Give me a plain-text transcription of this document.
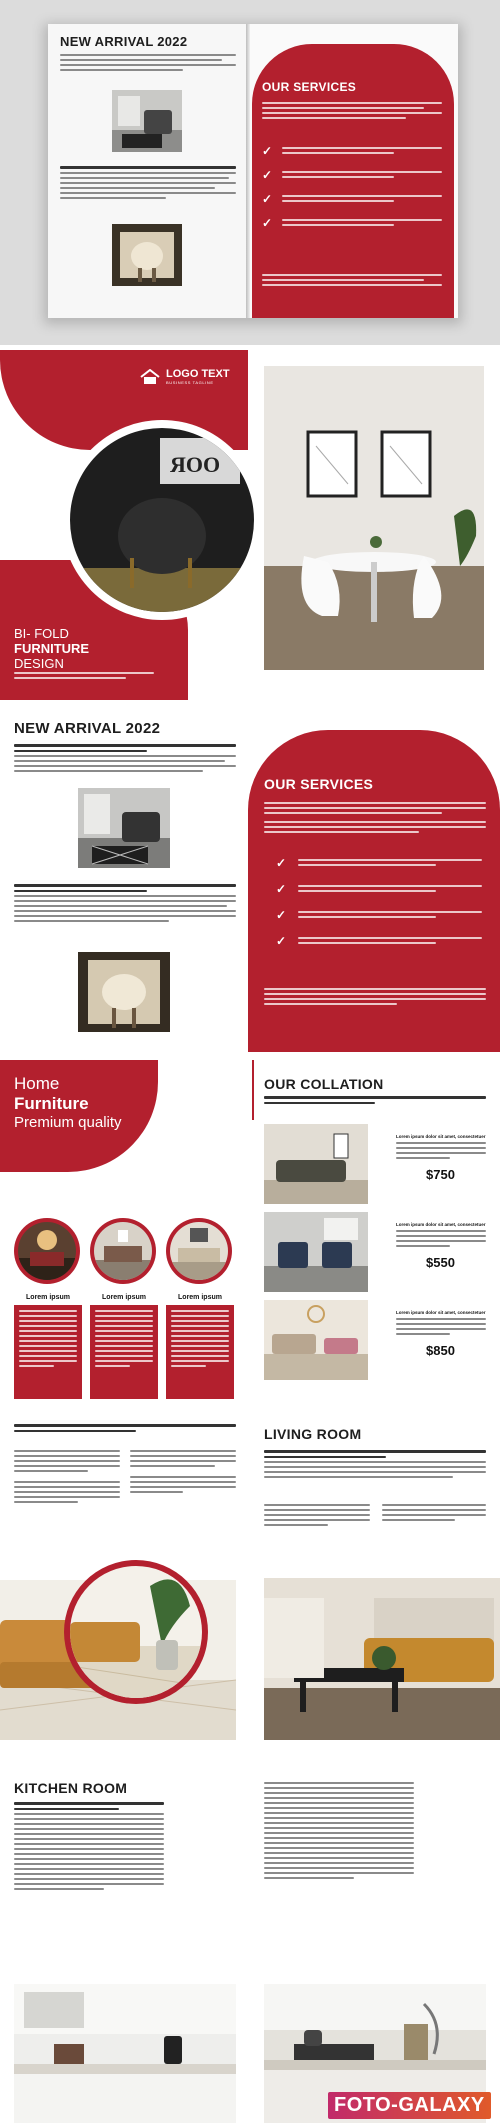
NEW ARRIVAL 2022
OUR SERVICES
✓
✓
✓
✓
LOGO TEXT
BUSINESS TAGLINE
ЯOO
BI- FOLD
FURNITURE
DESIGN
NEW ARRIVAL 2022
OUR SERVICES
✓
✓
✓
✓
Home
Furniture
Premium quality
Lorem ipsum	Lorem ipsum	Lorem ipsum
OUR COLLATION
Lorem ipsum dolor sit amet, consectetuer
$750
Lorem ipsum dolor sit amet, consectetuer
$550
Lorem ipsum dolor sit amet, consectetuer
$850
LIVING ROOM
KITCHEN ROOM
FOTO-GALAXY
